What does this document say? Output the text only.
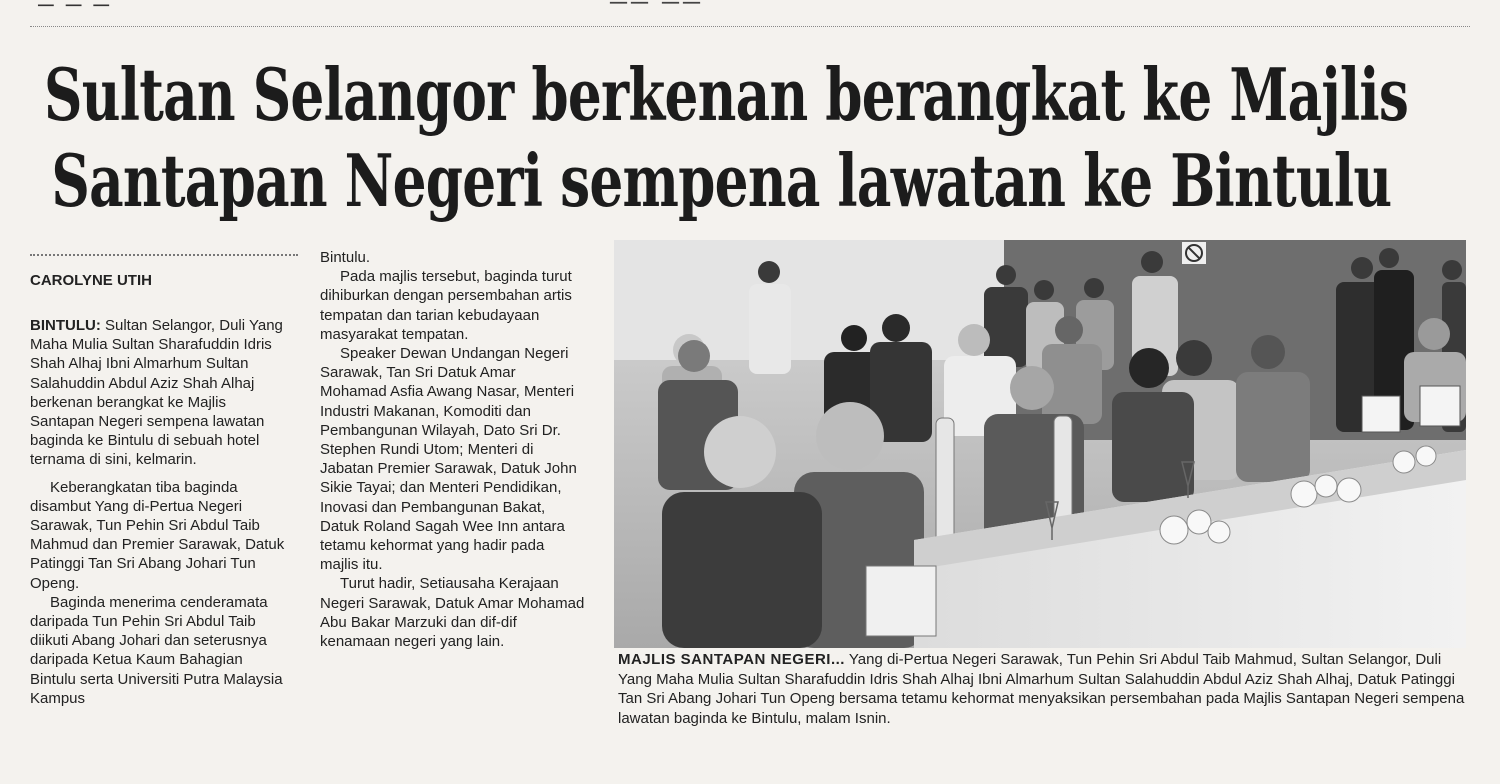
─ ─ ─	── ──
Sultan Selangor berkenan berangkat ke Majlis
Santapan Negeri sempena lawatan ke Bintulu
CAROLYNE UTIH

BINTULU: Sultan Selangor, Duli Yang Maha Mulia Sultan Sharafuddin Idris Shah Alhaj Ibni Almarhum Sultan Salahuddin Abdul Aziz Shah Alhaj berkenan berangkat ke Majlis Santapan Negeri sempena lawatan baginda ke Bintulu di sebuah hotel ternama di sini, kelmarin.

Keberangkatan tiba baginda disambut Yang di-Pertua Negeri Sarawak, Tun Pehin Sri Abdul Taib Mahmud dan Premier Sarawak, Datuk Patinggi Tan Sri Abang Johari Tun Openg.

Baginda menerima cenderamata daripada Tun Pehin Sri Abdul Taib diikuti Abang Johari dan seterusnya daripada Ketua Kaum Bahagian Bintulu serta Universiti Putra Malaysia Kampus

Bintulu.

Pada majlis tersebut, baginda turut dihiburkan dengan persembahan artis tempatan dan tarian kebudayaan masyarakat tempatan.

Speaker Dewan Undangan Negeri Sarawak, Tan Sri Datuk Amar Mohamad Asfia Awang Nasar, Menteri Industri Makanan, Komoditi dan Pembangunan Wilayah, Dato Sri Dr. Stephen Rundi Utom; Menteri di Jabatan Premier Sarawak, Datuk John Sikie Tayai; dan Menteri Pendidikan, Inovasi dan Pembangunan Bakat, Datuk Roland Sagah Wee Inn antara tetamu kehormat yang hadir pada majlis itu.

Turut hadir, Setiausaha Kerajaan Negeri Sarawak, Datuk Amar Mohamad Abu Bakar Marzuki dan dif-dif kenamaan negeri yang lain.

MAJLIS SANTAPAN NEGERI... Yang di-Pertua Negeri Sarawak, Tun Pehin Sri Abdul Taib Mahmud, Sultan Selangor, Duli Yang Maha Mulia Sultan Sharafuddin Idris Shah Alhaj Ibni Almarhum Sultan Salahuddin Abdul Aziz Shah Alhaj, Datuk Patinggi Tan Sri Abang Johari Tun Openg bersama tetamu kehormat menyaksikan persembahan pada Majlis Santapan Negeri sempena lawatan baginda ke Bintulu, malam Isnin.
